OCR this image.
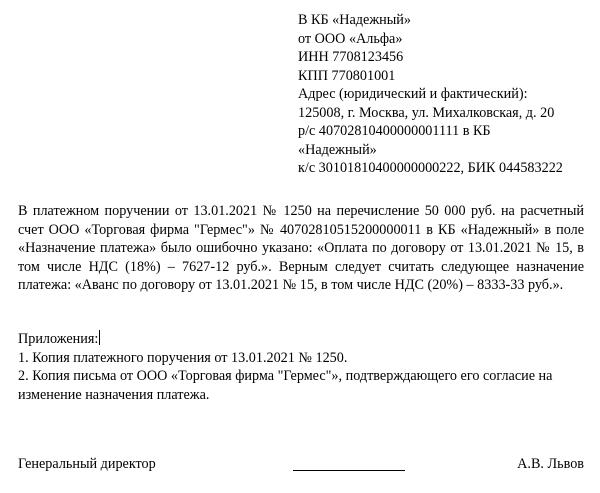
В КБ «Надежный»
от ООО «Альфа»
ИНН 7708123456
КПП 770801001
Адрес (юридический и фактический):
125008, г. Москва, ул. Михалковская, д. 20
р/с 40702810400000001111 в КБ
«Надежный»
к/с 30101810400000000222, БИК 044583222
В платежном поручении от 13.01.2021 № 1250 на перечисление 50 000 руб. на расчетный счет ООО «Торговая фирма "Гермес"» № 40702810515200000011 в КБ «Надежный» в поле «Назначение платежа» было ошибочно указано: «Оплата по договору от 13.01.2021 № 15, в том числе НДС (18%) – 7627-12 руб.». Верным следует считать следующее назначение платежа: «Аванс по договору от 13.01.2021 № 15, в том числе НДС (20%) – 8333-33 руб.».
Приложения:
1. Копия платежного поручения от 13.01.2021 № 1250.
2. Копия письма от ООО «Торговая фирма "Гермес"», подтверждающего его согласие на
изменение назначения платежа.
Генеральный директор	А.В. Львов
